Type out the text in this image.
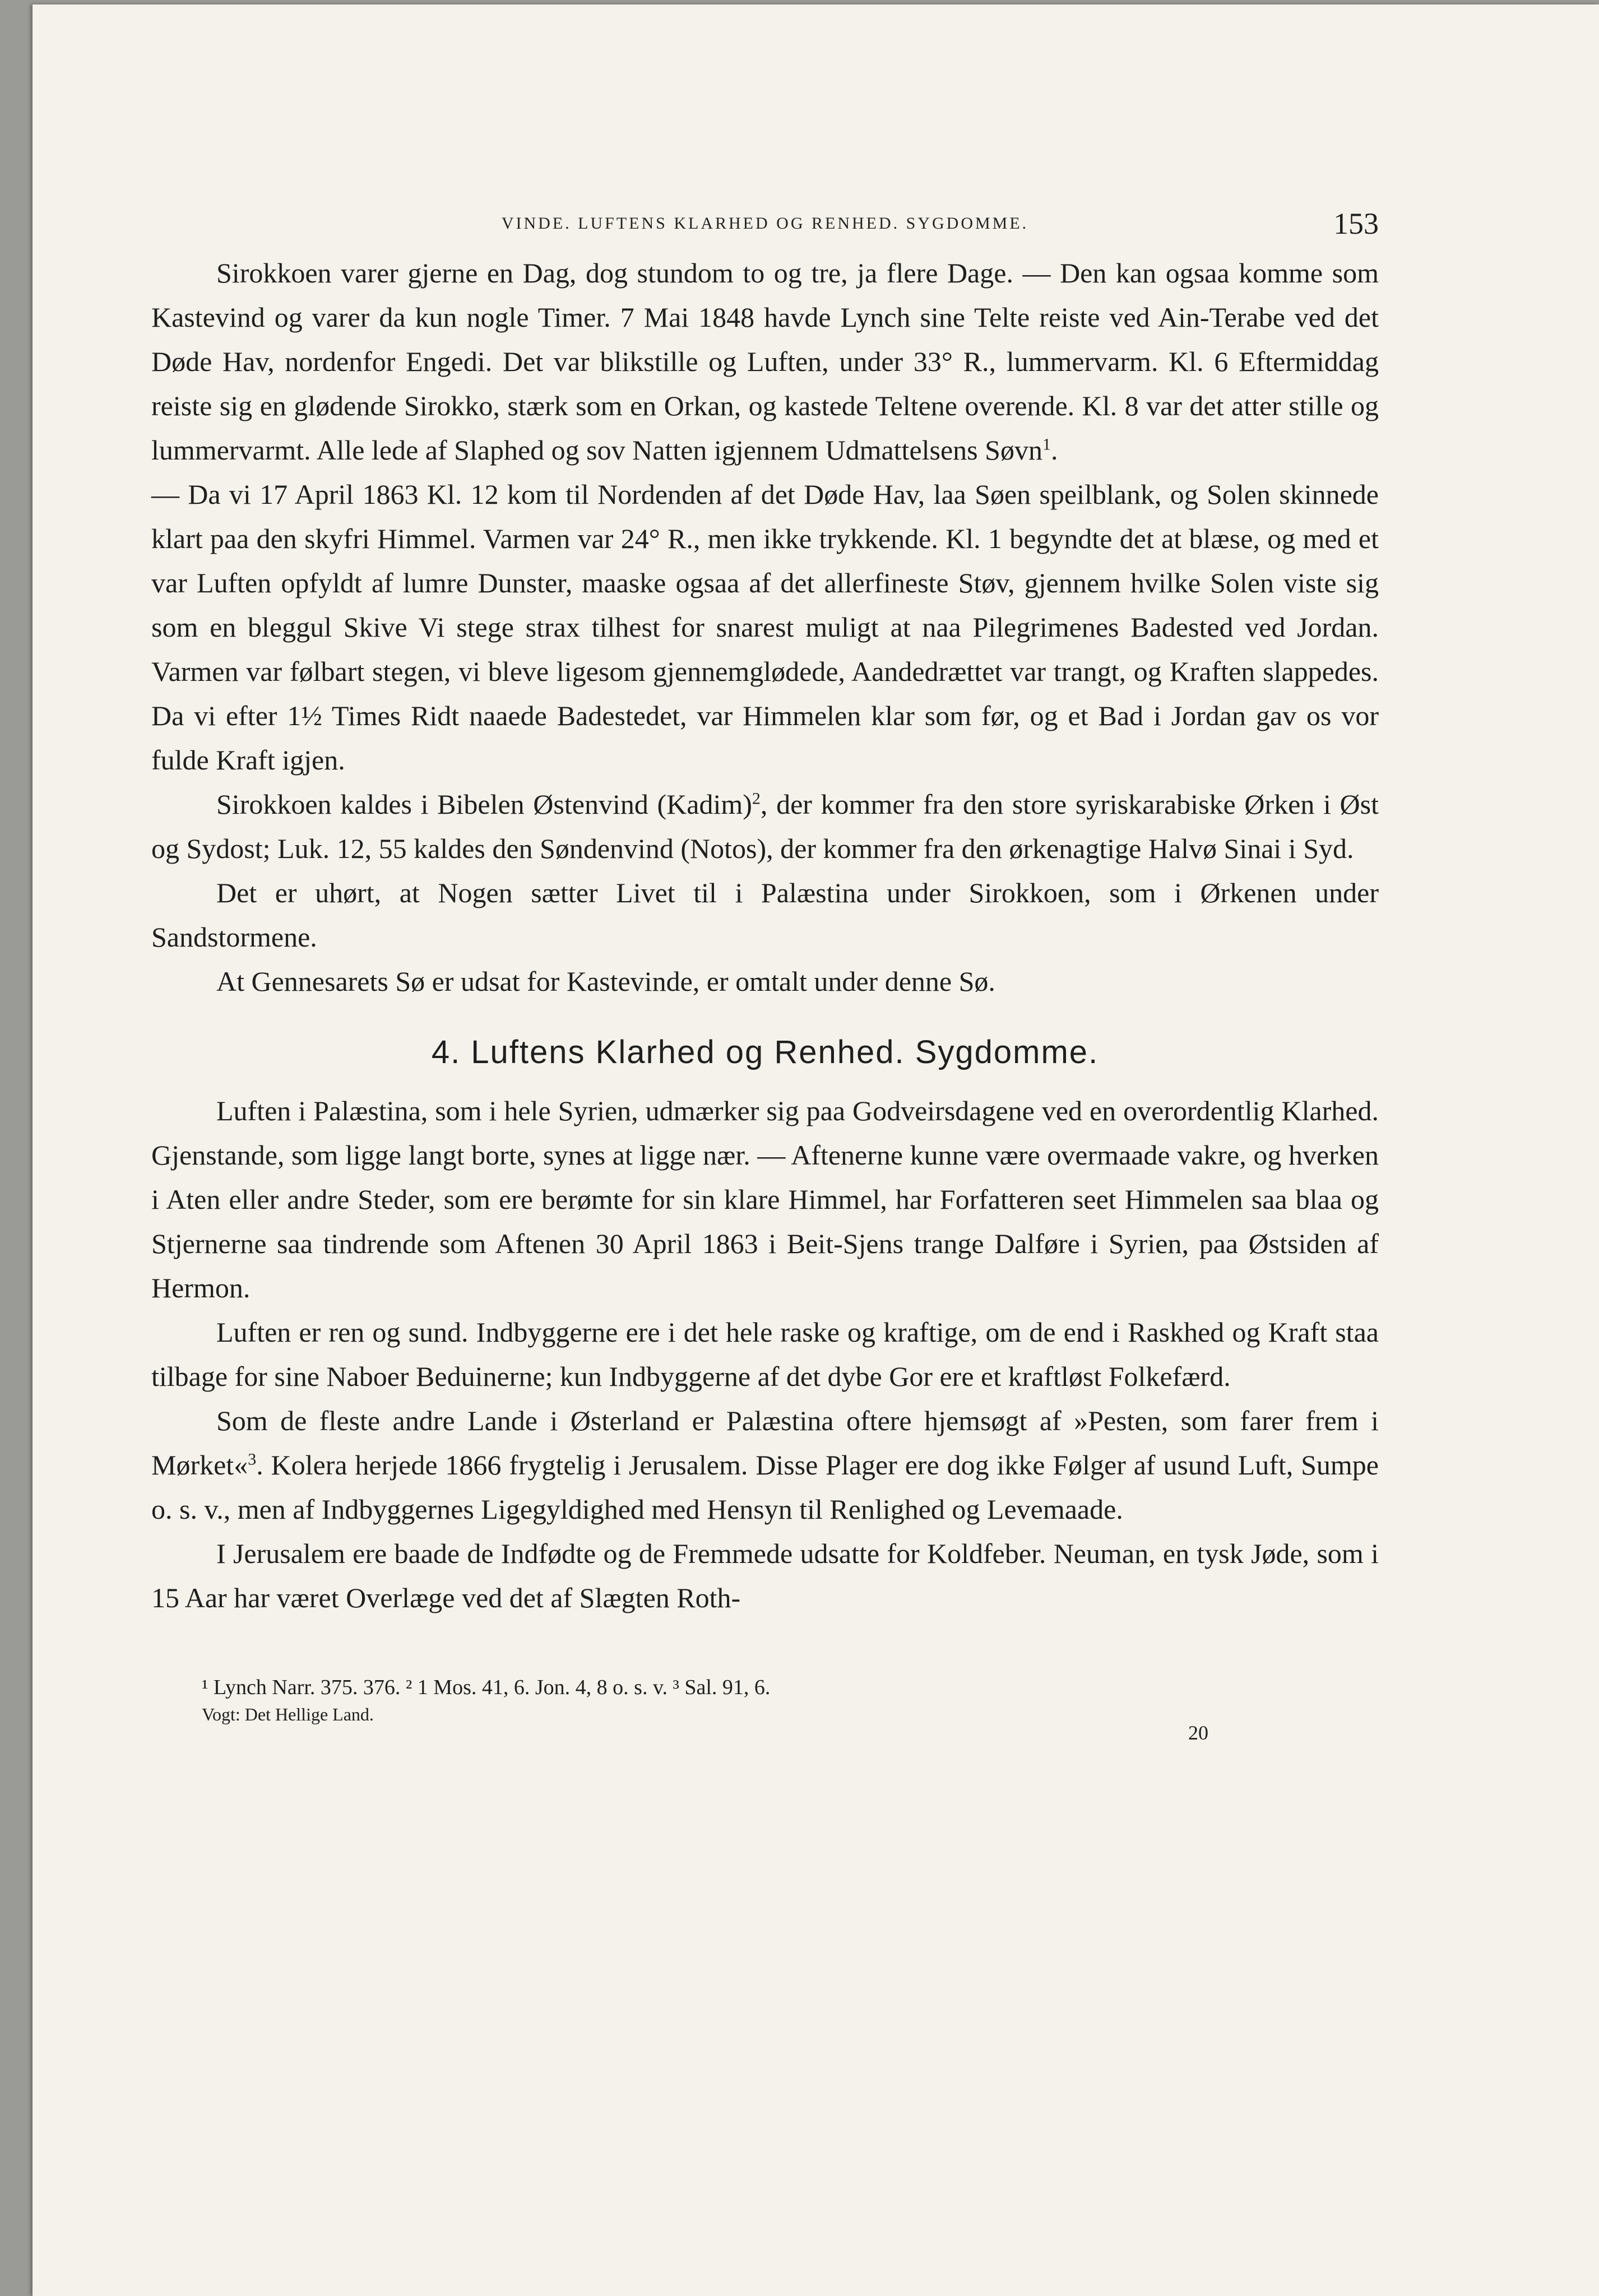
VINDE. LUFTENS KLARHED OG RENHED. SYGDOMME.	153

Sirokkoen varer gjerne en Dag, dog stundom to og tre, ja flere Dage. — Den kan ogsaa komme som Kastevind og varer da kun nogle Timer. 7 Mai 1848 havde Lynch sine Telte reiste ved Ain-Terabe ved det Døde Hav, nordenfor Engedi. Det var blikstille og Luften, under 33° R., lummervarm. Kl. 6 Eftermiddag reiste sig en glødende Sirokko, stærk som en Orkan, og kastede Teltene overende. Kl. 8 var det atter stille og lummervarmt. Alle lede af Slaphed og sov Natten igjennem Udmattelsens Søvn$^1$.

— Da vi 17 April 1863 Kl. 12 kom til Nordenden af det Døde Hav, laa Søen speilblank, og Solen skinnede klart paa den skyfri Himmel. Varmen var 24° R., men ikke trykkende. Kl. 1 begyndte det at blæse, og med et var Luften opfyldt af lumre Dunster, maaske ogsaa af det allerfineste Støv, gjennem hvilke Solen viste sig som en bleggul Skive Vi stege strax tilhest for snarest muligt at naa Pilegrimenes Badested ved Jordan. Varmen var følbart stegen, vi bleve ligesom gjennemglødede, Aandedrættet var trangt, og Kraften slappedes. Da vi efter 1½ Times Ridt naaede Badestedet, var Himmelen klar som før, og et Bad i Jordan gav os vor fulde Kraft igjen.

Sirokkoen kaldes i Bibelen Østenvind (Kadim)$^2$, der kommer fra den store syriskarabiske Ørken i Øst og Sydost; Luk. 12, 55 kaldes den Søndenvind (Notos), der kommer fra den ørkenagtige Halvø Sinai i Syd.

Det er uhørt, at Nogen sætter Livet til i Palæstina under Sirokkoen, som i Ørkenen under Sandstormene.

At Gennesarets Sø er udsat for Kastevinde, er omtalt under denne Sø.

4. Luftens Klarhed og Renhed. Sygdomme.

Luften i Palæstina, som i hele Syrien, udmærker sig paa Godveirsdagene ved en overordentlig Klarhed. Gjenstande, som ligge langt borte, synes at ligge nær. — Aftenerne kunne være overmaade vakre, og hverken i Aten eller andre Steder, som ere berømte for sin klare Himmel, har Forfatteren seet Himmelen saa blaa og Stjernerne saa tindrende som Aftenen 30 April 1863 i Beit-Sjens trange Dalføre i Syrien, paa Østsiden af Hermon.

Luften er ren og sund. Indbyggerne ere i det hele raske og kraftige, om de end i Raskhed og Kraft staa tilbage for sine Naboer Beduinerne; kun Indbyggerne af det dybe Gor ere et kraftløst Folkefærd.

Som de fleste andre Lande i Østerland er Palæstina oftere hjemsøgt af »Pesten, som farer frem i Mørket«$^3$. Kolera herjede 1866 frygtelig i Jerusalem. Disse Plager ere dog ikke Følger af usund Luft, Sumpe o. s. v., men af Indbyggernes Ligegyldighed med Hensyn til Renlighed og Levemaade.

I Jerusalem ere baade de Indfødte og de Fremmede udsatte for Koldfeber. Neuman, en tysk Jøde, som i 15 Aar har været Overlæge ved det af Slægten Roth-

¹ Lynch Narr. 375. 376. ² 1 Mos. 41, 6. Jon. 4, 8 o. s. v. ³ Sal. 91, 6.
Vogt: Det Hellige Land.
20
